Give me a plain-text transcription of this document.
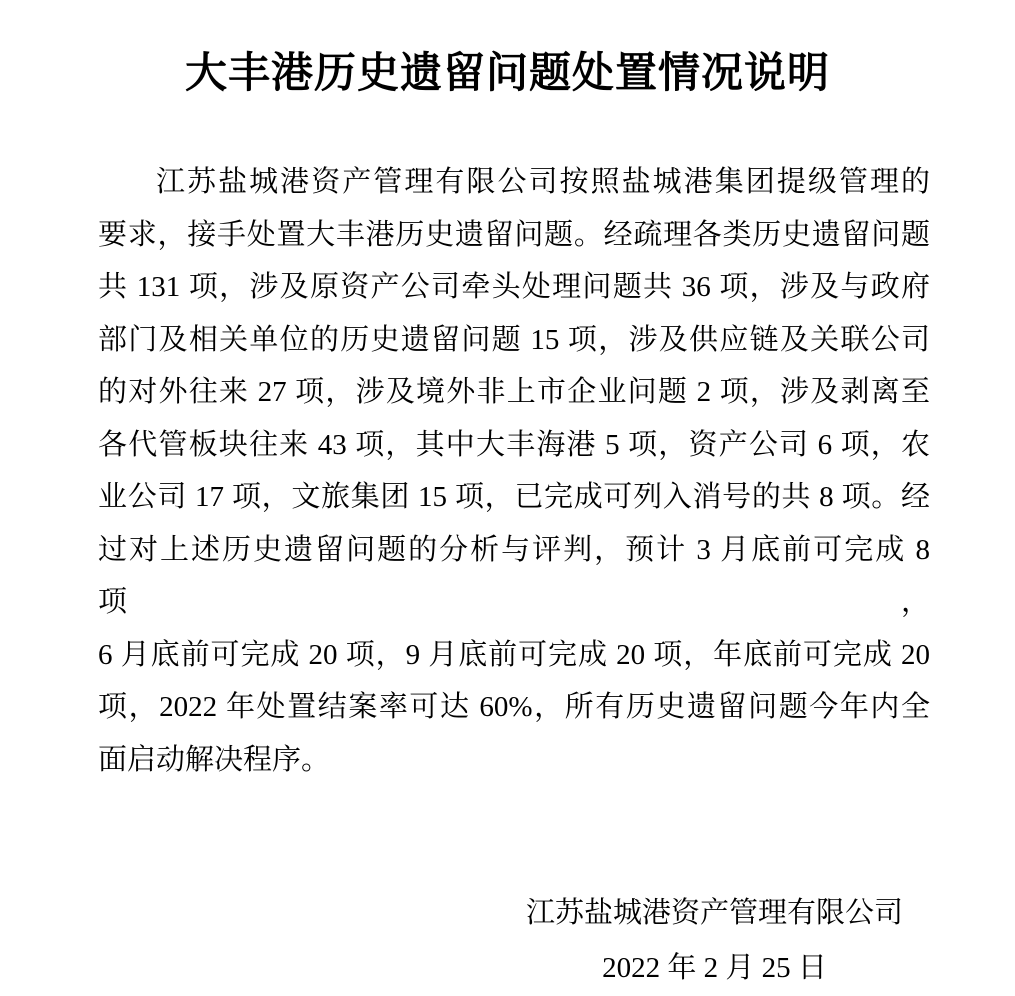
大丰港历史遗留问题处置情况说明
江苏盐城港资产管理有限公司按照盐城港集团提级管理的
要求，接手处置大丰港历史遗留问题。经疏理各类历史遗留问题
共 131 项，涉及原资产公司牵头处理问题共 36 项，涉及与政府
部门及相关单位的历史遗留问题 15 项，涉及供应链及关联公司
的对外往来 27 项，涉及境外非上市企业问题 2 项，涉及剥离至
各代管板块往来 43 项，其中大丰海港 5 项，资产公司 6 项，农
业公司 17 项，文旅集团 15 项，已完成可列入消号的共 8 项。经
过对上述历史遗留问题的分析与评判，预计 3 月底前可完成 8 项，
6 月底前可完成 20 项，9 月底前可完成 20 项，年底前可完成 20
项，2022 年处置结案率可达 60%，所有历史遗留问题今年内全
面启动解决程序。
江苏盐城港资产管理有限公司
2022 年 2 月 25 日
